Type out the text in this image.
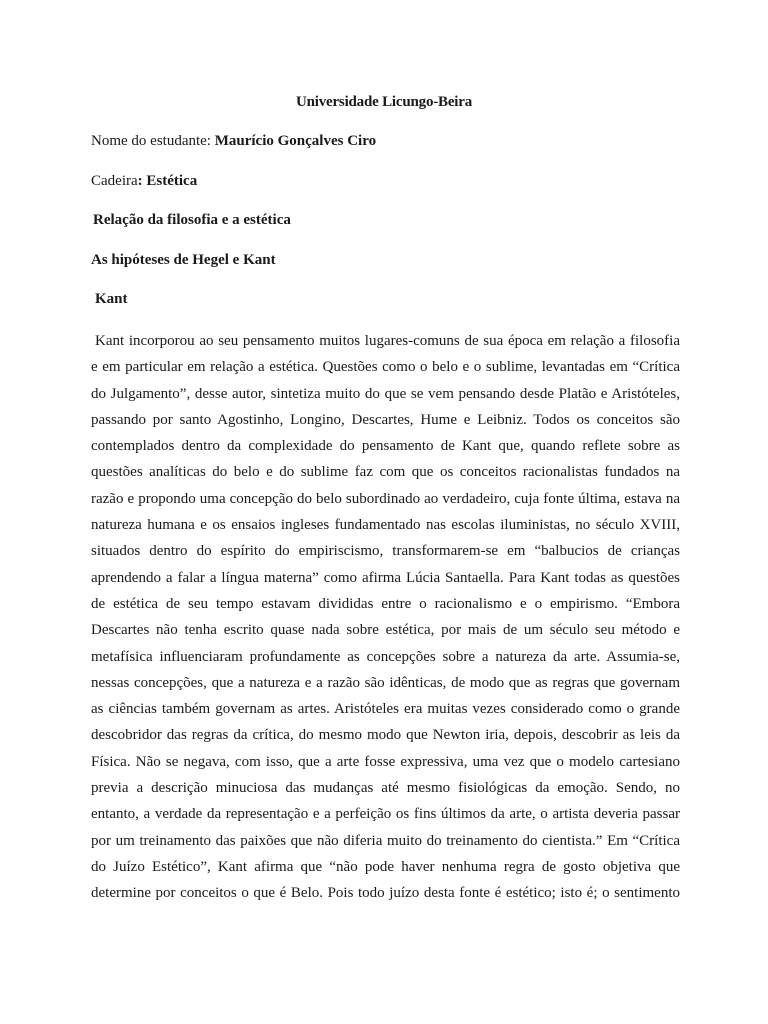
Universidade Licungo-Beira
Nome do estudante: Maurício Gonçalves Ciro
Cadeira: Estética
Relação da filosofia e a estética
As hipóteses de Hegel e Kant
Kant
Kant incorporou ao seu pensamento muitos lugares-comuns de sua época em relação a filosofia
e em particular em relação a estética. Questões como o belo e o sublime, levantadas em “Crítica
do Julgamento”, desse autor, sintetiza muito do que se vem pensando desde Platão e Aristóteles,
passando por santo Agostinho, Longino, Descartes, Hume e Leibniz. Todos os conceitos são
contemplados dentro da complexidade do pensamento de Kant que, quando reflete sobre as
questões analíticas do belo e do sublime faz com que os conceitos racionalistas fundados na
razão e propondo uma concepção do belo subordinado ao verdadeiro, cuja fonte última, estava na
natureza humana e os ensaios ingleses fundamentado nas escolas iluministas, no século XVIII,
situados dentro do espírito do empiriscismo, transformarem-se em “balbucios de crianças
aprendendo a falar a língua materna” como afirma Lúcia Santaella. Para Kant todas as questões
de estética de seu tempo estavam divididas entre o racionalismo e o empirismo. “Embora
Descartes não tenha escrito quase nada sobre estética, por mais de um século seu método e
metafísica influenciaram profundamente as concepções sobre a natureza da arte. Assumia-se,
nessas concepções, que a natureza e a razão são idênticas, de modo que as regras que governam
as ciências também governam as artes. Aristóteles era muitas vezes considerado como o grande
descobridor das regras da crítica, do mesmo modo que Newton iria, depois, descobrir as leis da
Física. Não se negava, com isso, que a arte fosse expressiva, uma vez que o modelo cartesiano
previa a descrição minuciosa das mudanças até mesmo fisiológicas da emoção. Sendo, no
entanto, a verdade da representação e a perfeição os fins últimos da arte, o artista deveria passar
por um treinamento das paixões que não diferia muito do treinamento do cientista.” Em “Crítica
do Juízo Estético”, Kant afirma que “não pode haver nenhuma regra de gosto objetiva que
determine por conceitos o que é Belo. Pois todo juízo desta fonte é estético; isto é; o sentimento
